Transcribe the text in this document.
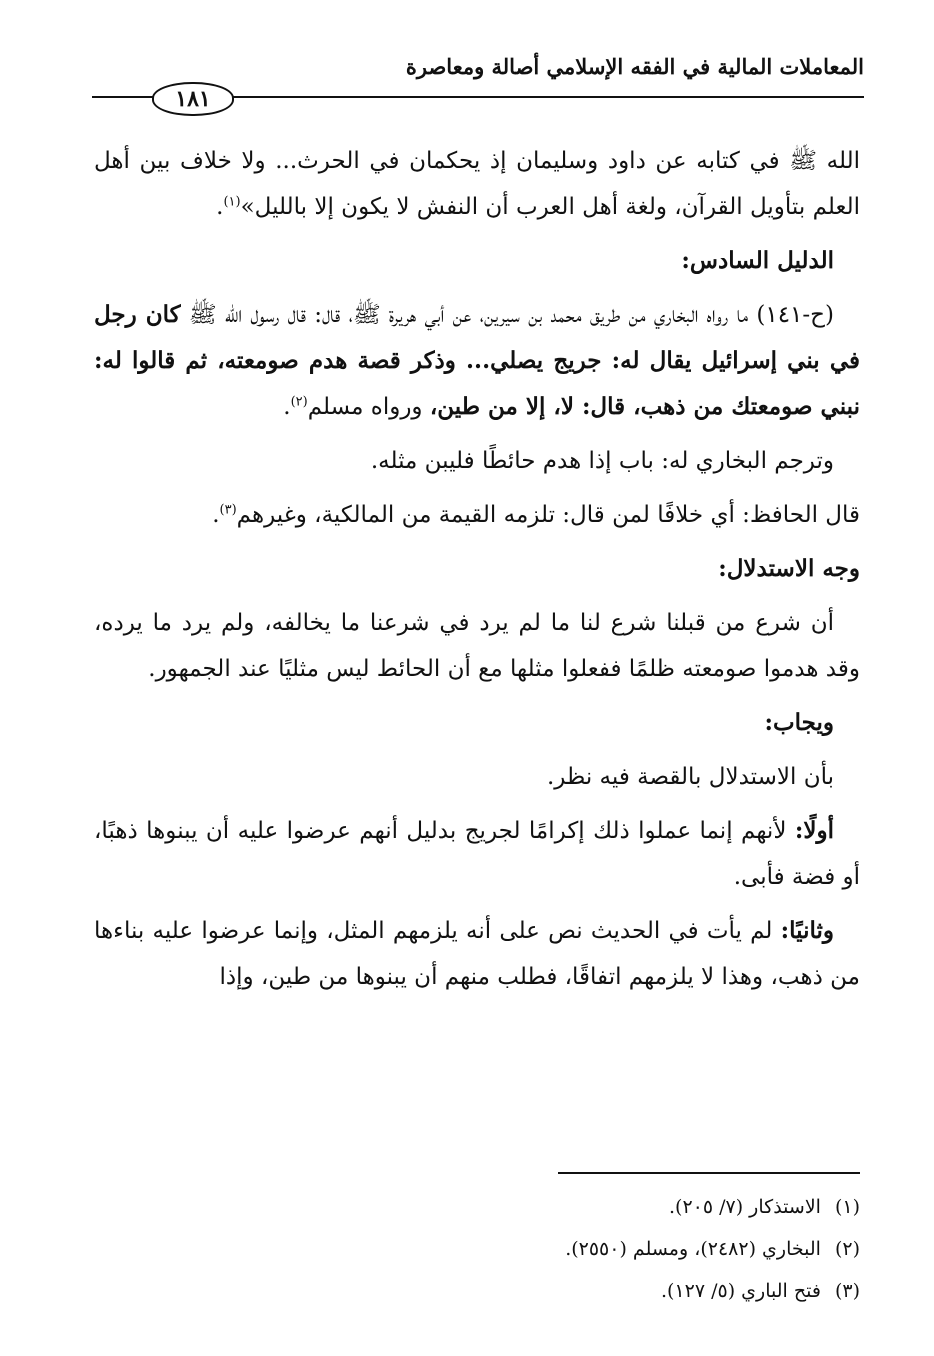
المعاملات المالية في الفقه الإسلامي أصالة ومعاصرة
١٨١

الله ﷺ في كتابه عن داود وسليمان إذ يحكمان في الحرث... ولا خلاف بين أهل العلم بتأويل القرآن، ولغة أهل العرب أن النفش لا يكون إلا بالليل»$^{(١)}$.

الدليل السادس:

(ح-١٤١) ما رواه البخاري من طريق محمد بن سيرين، عن أبي هريرة ﷺ، قال: قال رسول الله ﷺ كان رجل في بني إسرائيل يقال له: جريج يصلي... وذكر قصة هدم صومعته، ثم قالوا له: نبني صومعتك من ذهب، قال: لا، إلا من طين، ورواه مسلم$^{(٢)}$.

وترجم البخاري له: باب إذا هدم حائطًا فليبن مثله.

قال الحافظ: أي خلافًا لمن قال: تلزمه القيمة من المالكية، وغيرهم$^{(٣)}$.

وجه الاستدلال:

أن شرع من قبلنا شرع لنا ما لم يرد في شرعنا ما يخالفه، ولم يرد ما يرده، وقد هدموا صومعته ظلمًا ففعلوا مثلها مع أن الحائط ليس مثليًا عند الجمهور.

ويجاب:

بأن الاستدلال بالقصة فيه نظر.

أولًا: لأنهم إنما عملوا ذلك إكرامًا لجريج بدليل أنهم عرضوا عليه أن يبنوها ذهبًا، أو فضة فأبى.

وثانيًا: لم يأت في الحديث نص على أنه يلزمهم المثل، وإنما عرضوا عليه بناءها من ذهب، وهذا لا يلزمهم اتفاقًا، فطلب منهم أن يبنوها من طين، وإذا

(١)الاستذكار (٧/ ٢٠٥).
(٢)البخاري (٢٤٨٢)، ومسلم (٢٥٥٠).
(٣)فتح الباري (٥/ ١٢٧).
